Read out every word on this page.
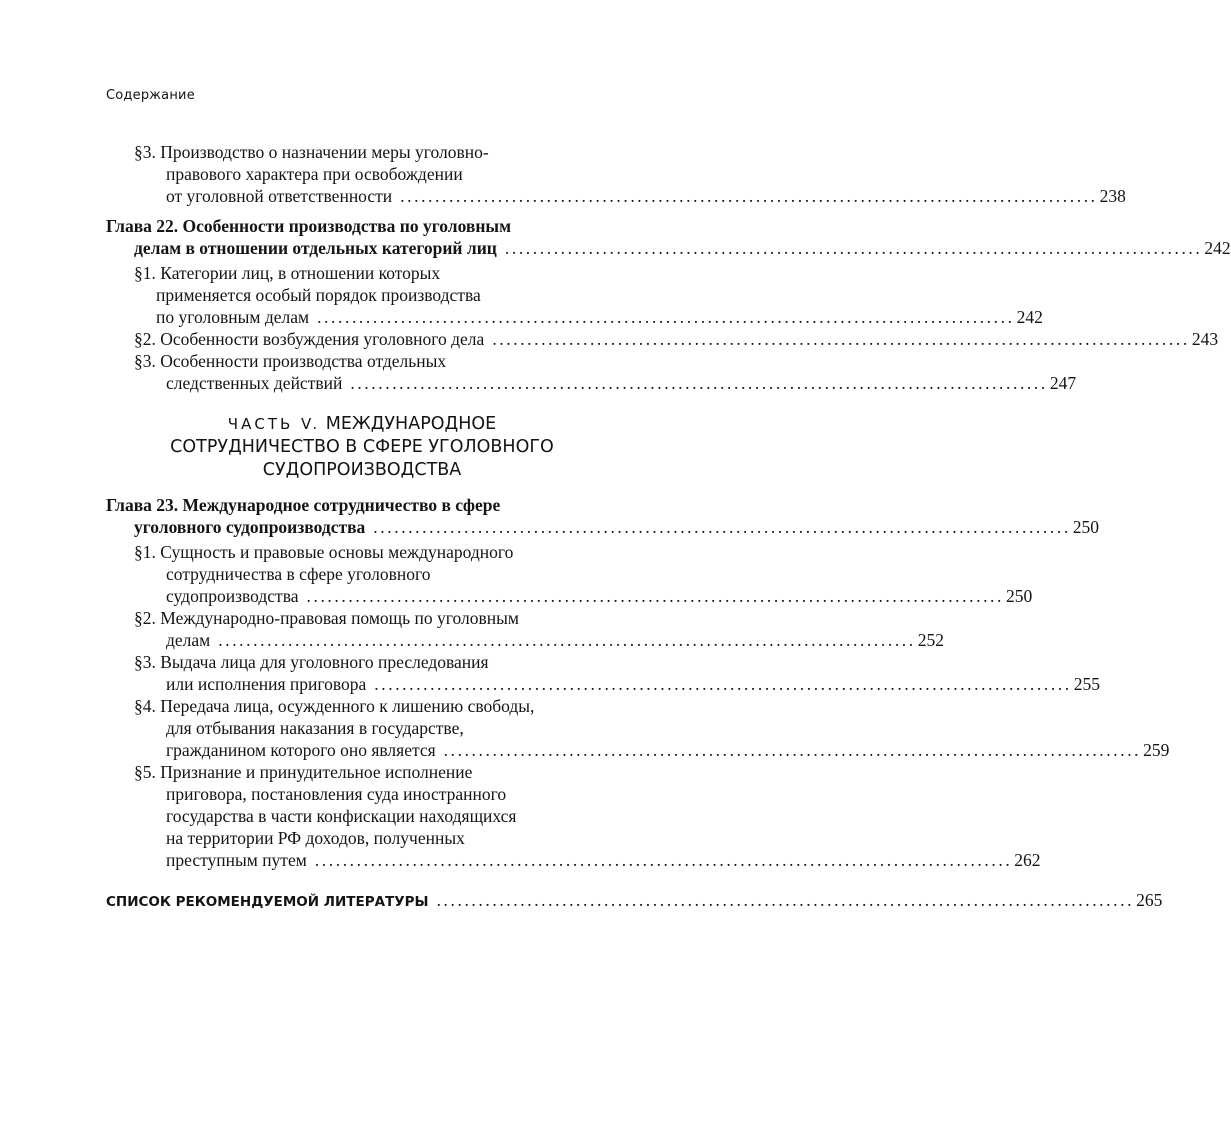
Содержание
§3. Производство о назначении меры уголовно-
правового характера при освобождении
от уголовной ответственности .................................................................................................... 238
Глава 22. Особенности производства по уголовным
делам в отношении отдельных категорий лиц .................................................................................................... 242
§1. Категории лиц, в отношении которых
применяется особый порядок производства
по уголовным делам .................................................................................................... 242
§2. Особенности возбуждения уголовного дела .................................................................................................... 243
§3. Особенности производства отдельных
следственных действий .................................................................................................... 247
ЧАСТЬ V. МЕЖДУНАРОДНОЕ
СОТРУДНИЧЕСТВО В СФЕРЕ УГОЛОВНОГО
СУДОПРОИЗВОДСТВА
Глава 23. Международное сотрудничество в сфере
уголовного судопроизводства .................................................................................................... 250
§1. Сущность и правовые основы международного
сотрудничества в сфере уголовного
судопроизводства .................................................................................................... 250
§2. Международно-правовая помощь по уголовным
делам .................................................................................................... 252
§3. Выдача лица для уголовного преследования
или исполнения приговора .................................................................................................... 255
§4. Передача лица, осужденного к лишению свободы,
для отбывания наказания в государстве,
гражданином которого оно является .................................................................................................... 259
§5. Признание и принудительное исполнение
приговора, постановления суда иностранного
государства в части конфискации находящихся
на территории РФ доходов, полученных
преступным путем .................................................................................................... 262
СПИСОК РЕКОМЕНДУЕМОЙ ЛИТЕРАТУРЫ .................................................................................................... 265
